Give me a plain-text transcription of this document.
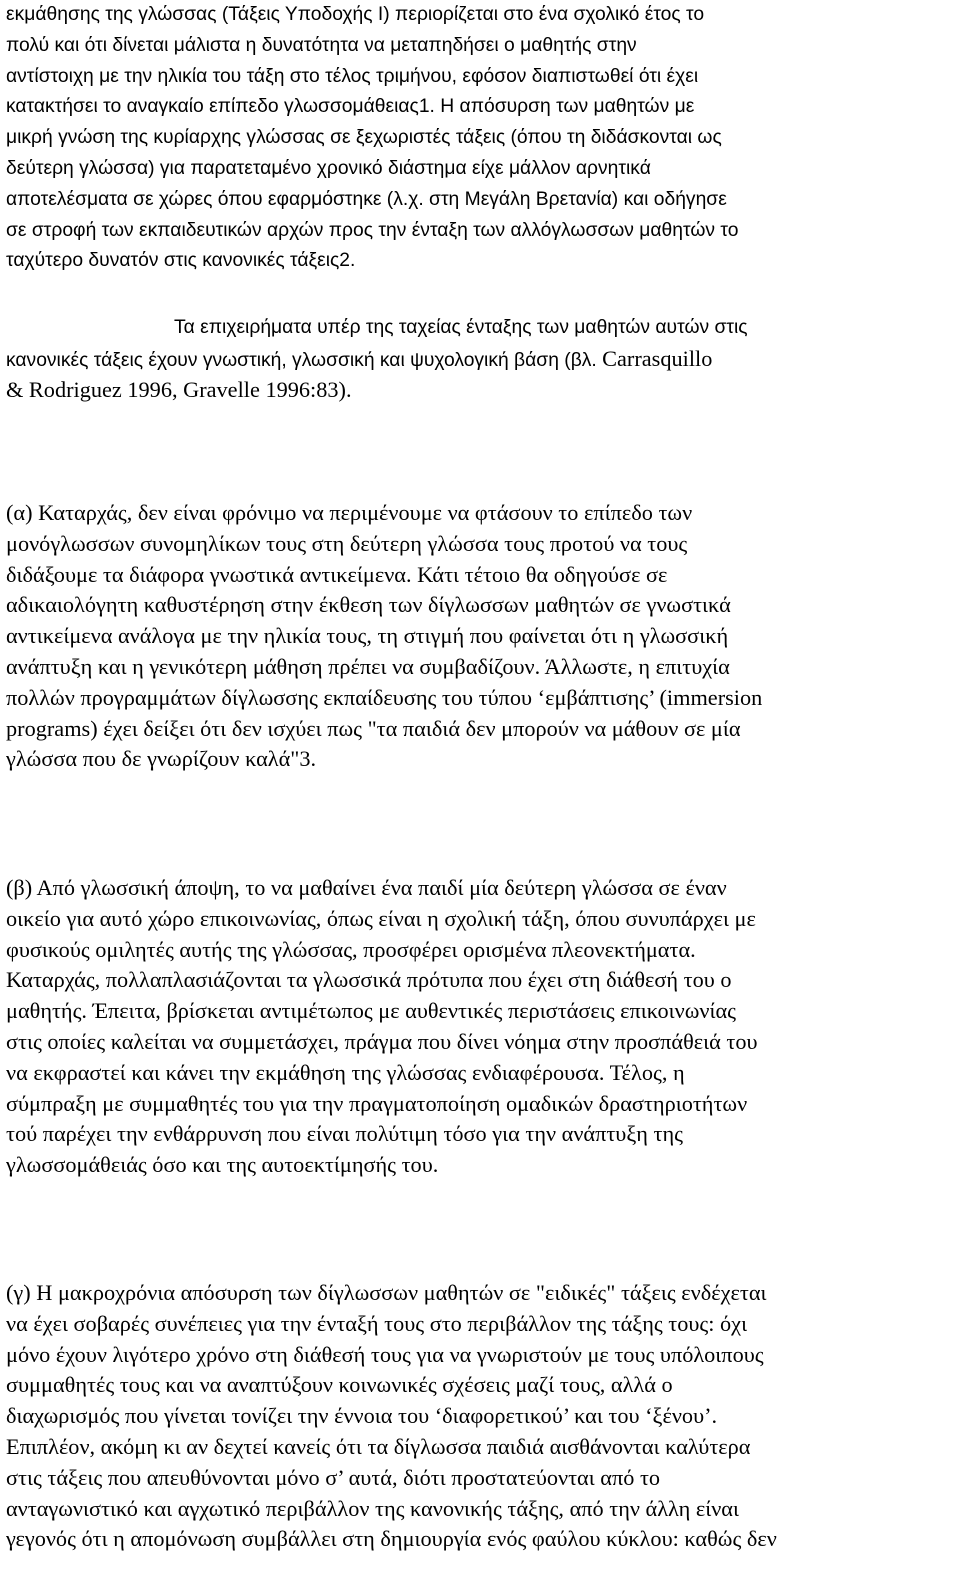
εκμάθησης της γλώσσας (Τάξεις Υποδοχής Ι) περιορίζεται στο ένα σχολικό έτος το
πολύ και ότι δίνεται μάλιστα η δυνατότητα να μεταπηδήσει ο μαθητής στην
αντίστοιχη με την ηλικία του τάξη στο τέλος τριμήνου, εφόσον διαπιστωθεί ότι έχει
κατακτήσει το αναγκαίο επίπεδο γλωσσομάθειας1. Η απόσυρση των μαθητών με
μικρή γνώση της κυρίαρχης γλώσσας σε ξεχωριστές τάξεις (όπου τη διδάσκονται ως
δεύτερη γλώσσα) για παρατεταμένο χρονικό διάστημα είχε μάλλον αρνητικά
αποτελέσματα σε χώρες όπου εφαρμόστηκε (λ.χ. στη Μεγάλη Βρετανία) και οδήγησε
σε στροφή των εκπαιδευτικών αρχών προς την ένταξη των αλλόγλωσσων μαθητών το
ταχύτερο δυνατόν στις κανονικές τάξεις2.
Τα επιχειρήματα υπέρ της ταχείας ένταξης των μαθητών αυτών στις
κανονικές τάξεις έχουν γνωστική, γλωσσική και ψυχολογική βάση (βλ. Carrasquillo
& Rodriguez 1996, Gravelle 1996:83).
(α) Καταρχάς, δεν είναι φρόνιμο να περιμένουμε να φτάσουν το επίπεδο των
μονόγλωσσων συνομηλίκων τους στη δεύτερη γλώσσα τους προτού να τους
διδάξουμε τα διάφορα γνωστικά αντικείμενα. Κάτι τέτοιο θα οδηγούσε σε
αδικαιολόγητη καθυστέρηση στην έκθεση των δίγλωσσων μαθητών σε γνωστικά
αντικείμενα ανάλογα με την ηλικία τους, τη στιγμή που φαίνεται ότι η γλωσσική
ανάπτυξη και η γενικότερη μάθηση πρέπει να συμβαδίζουν. Άλλωστε, η επιτυχία
πολλών προγραμμάτων δίγλωσσης εκπαίδευσης του τύπου ‘εμβάπτισης’ (immersion
programs) έχει δείξει ότι δεν ισχύει πως "τα παιδιά δεν μπορούν να μάθουν σε μία
γλώσσα που δε γνωρίζουν καλά"3.
(β) Από γλωσσική άποψη, το να μαθαίνει ένα παιδί μία δεύτερη γλώσσα σε έναν
οικείο για αυτό χώρο επικοινωνίας, όπως είναι η σχολική τάξη, όπου συνυπάρχει με
φυσικούς ομιλητές αυτής της γλώσσας, προσφέρει ορισμένα πλεονεκτήματα.
Καταρχάς, πολλαπλασιάζονται τα γλωσσικά πρότυπα που έχει στη διάθεσή του ο
μαθητής. Έπειτα, βρίσκεται αντιμέτωπος με αυθεντικές περιστάσεις επικοινωνίας
στις οποίες καλείται να συμμετάσχει, πράγμα που δίνει νόημα στην προσπάθειά του
να εκφραστεί και κάνει την εκμάθηση της γλώσσας ενδιαφέρουσα. Τέλος, η
σύμπραξη με συμμαθητές του για την πραγματοποίηση ομαδικών δραστηριοτήτων
τού παρέχει την ενθάρρυνση που είναι πολύτιμη τόσο για την ανάπτυξη της
γλωσσομάθειάς όσο και της αυτοεκτίμησής του.
(γ) Η μακροχρόνια απόσυρση των δίγλωσσων μαθητών σε "ειδικές" τάξεις ενδέχεται
να έχει σοβαρές συνέπειες για την ένταξή τους στο περιβάλλον της τάξης τους: όχι
μόνο έχουν λιγότερο χρόνο στη διάθεσή τους για να γνωριστούν με τους υπόλοιπους
συμμαθητές τους και να αναπτύξουν κοινωνικές σχέσεις μαζί τους, αλλά ο
διαχωρισμός που γίνεται τονίζει την έννοια του ‘διαφορετικού’ και του ‘ξένου’.
Επιπλέον, ακόμη κι αν δεχτεί κανείς ότι τα δίγλωσσα παιδιά αισθάνονται καλύτερα
στις τάξεις που απευθύνονται μόνο σ’ αυτά, διότι προστατεύονται από το
ανταγωνιστικό και αγχωτικό περιβάλλον της κανονικής τάξης, από την άλλη είναι
γεγονός ότι η απομόνωση συμβάλλει στη δημιουργία ενός φαύλου κύκλου: καθώς δεν
